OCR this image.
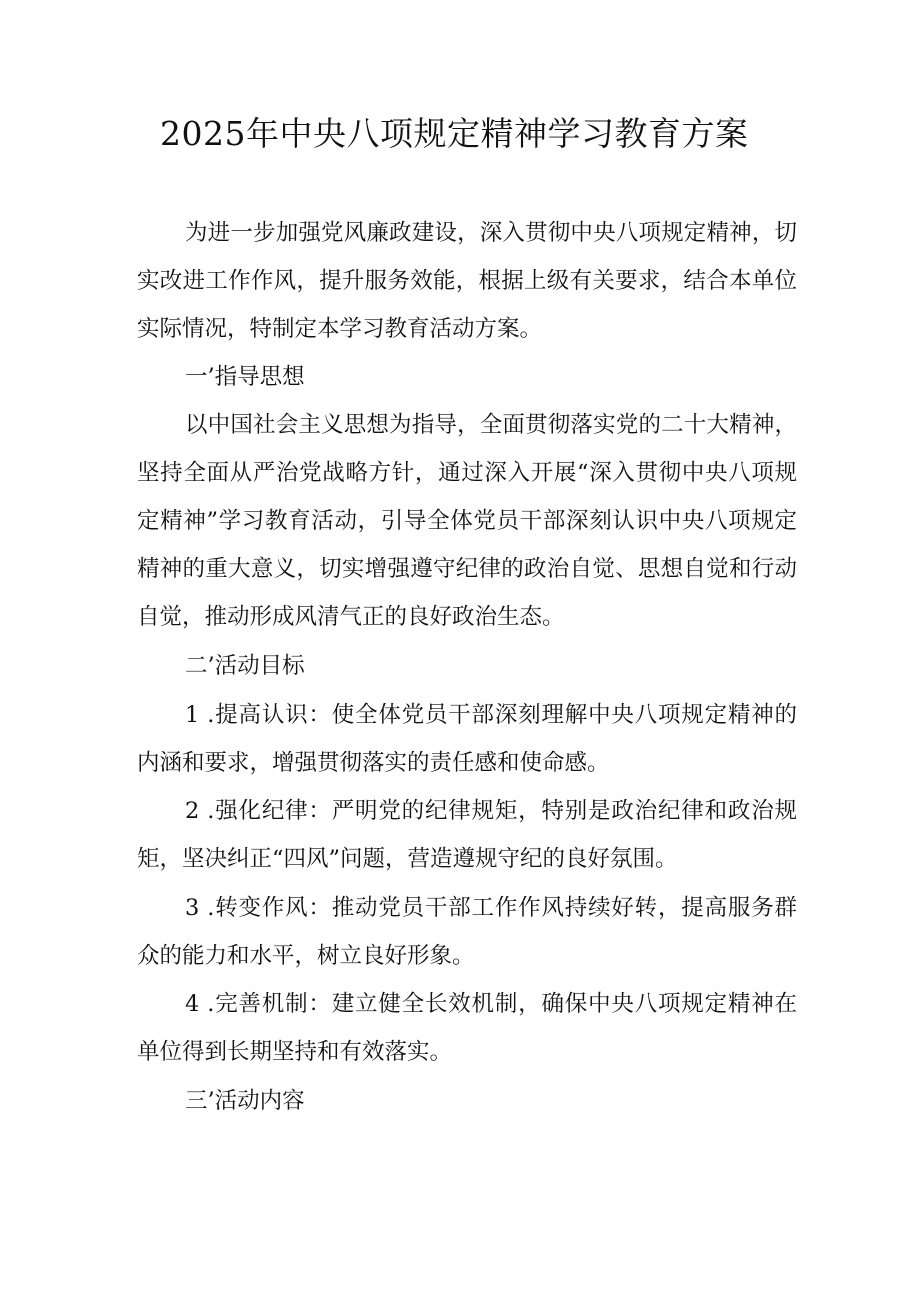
2025年中央八项规定精神学习教育方案

为进一步加强党风廉政建设，深入贯彻中央八项规定精神，切实改进工作作风，提升服务效能，根据上级有关要求，结合本单位实际情况，特制定本学习教育活动方案。

一’指导思想

以中国社会主义思想为指导，全面贯彻落实党的二十大精神，坚持全面从严治党战略方针，通过深入开展“深入贯彻中央八项规定精神”学习教育活动，引导全体党员干部深刻认识中央八项规定精神的重大意义，切实增强遵守纪律的政治自觉、思想自觉和行动自觉，推动形成风清气正的良好政治生态。

二’活动目标

1 .提高认识：使全体党员干部深刻理解中央八项规定精神的内涵和要求，增强贯彻落实的责任感和使命感。

2 .强化纪律：严明党的纪律规矩，特别是政治纪律和政治规矩，坚决纠正“四风”问题，营造遵规守纪的良好氛围。

3 .转变作风：推动党员干部工作作风持续好转，提高服务群众的能力和水平，树立良好形象。

4 .完善机制：建立健全长效机制，确保中央八项规定精神在单位得到长期坚持和有效落实。

三’活动内容
